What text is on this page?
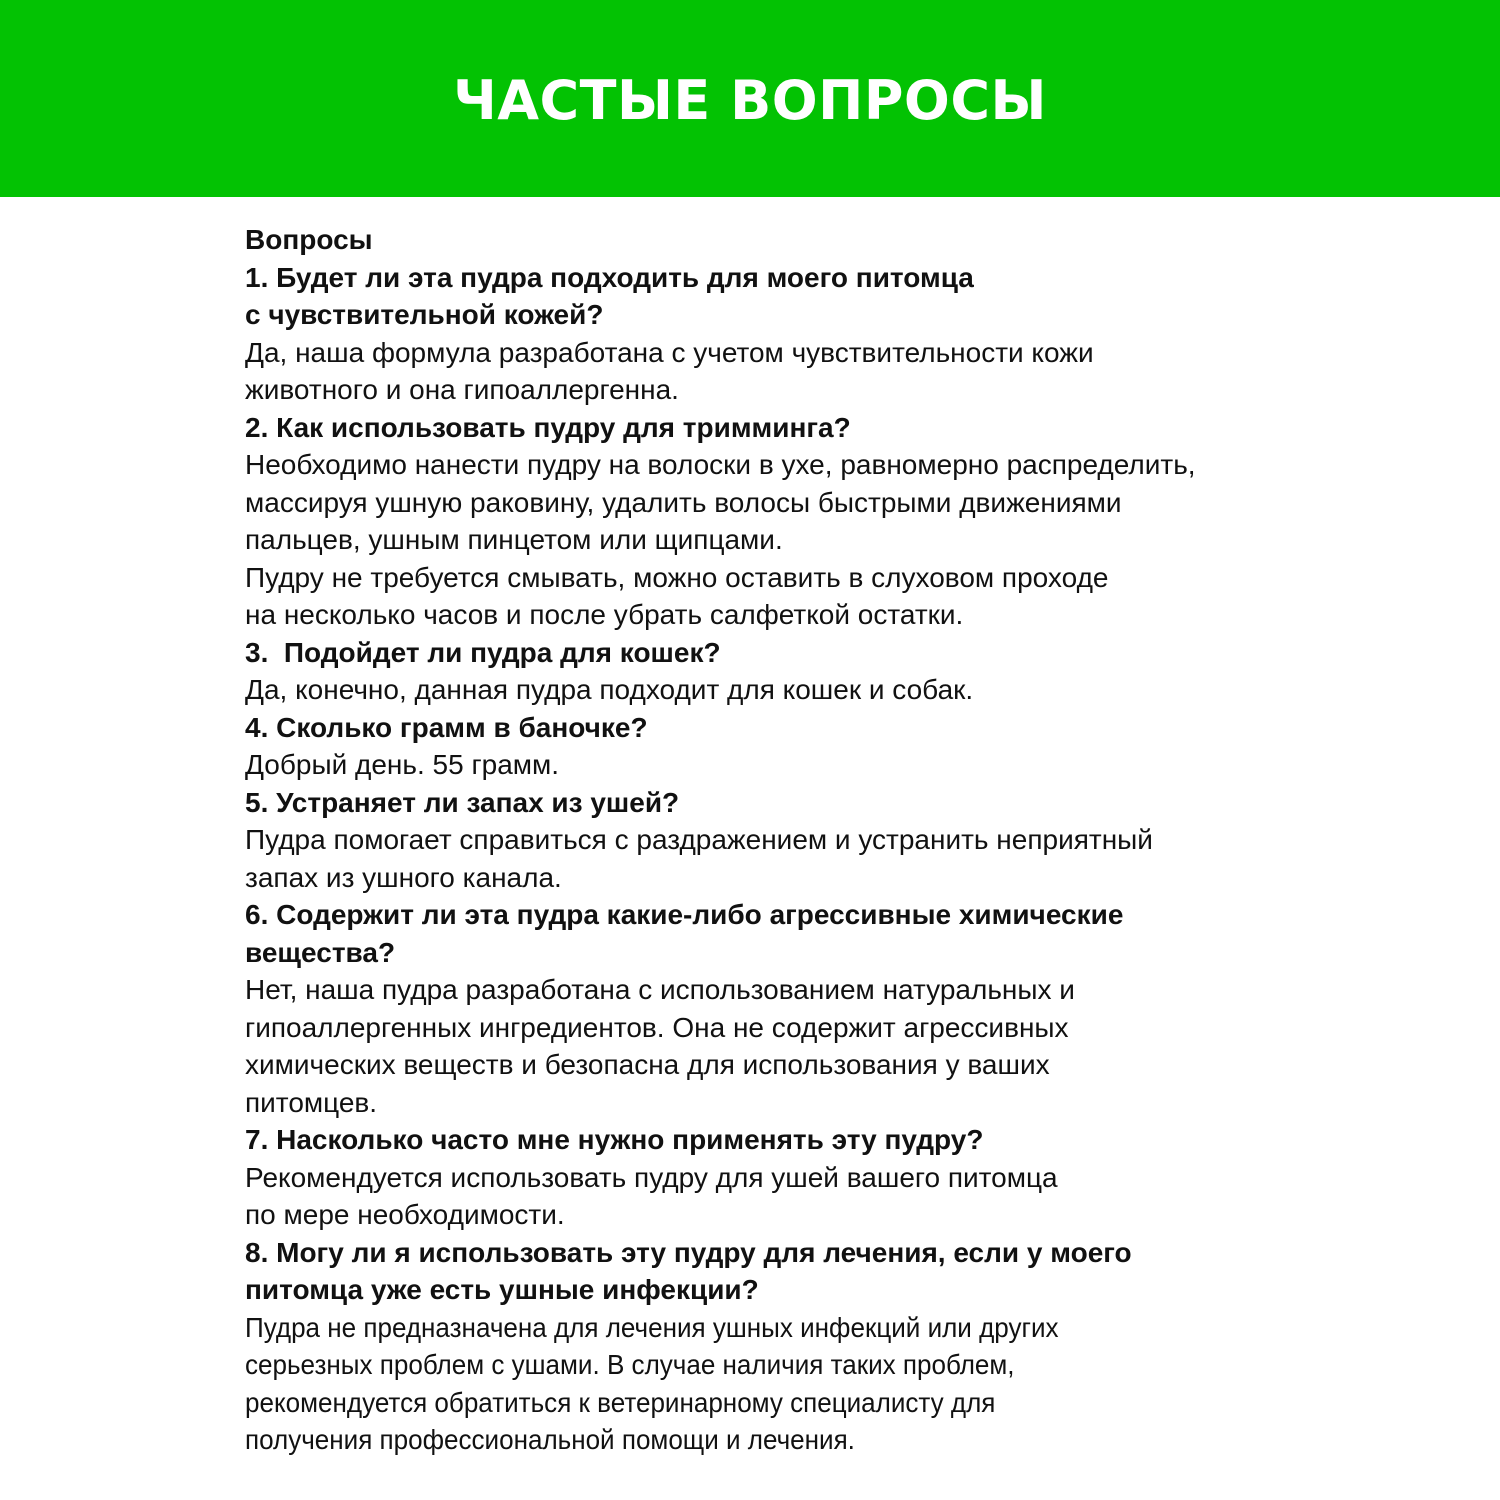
ЧАСТЫЕ ВОПРОСЫ
Вопросы
1. Будет ли эта пудра подходить для моего питомца
с чувствительной кожей?
Да, наша формула разработана с учетом чувствительности кожи
животного и она гипоаллергенна.
2. Как использовать пудру для тримминга?
Необходимо нанести пудру на волоски в ухе, равномерно распределить,
массируя ушную раковину, удалить волосы быстрыми движениями
пальцев, ушным пинцетом или щипцами.
Пудру не требуется смывать, можно оставить в слуховом проходе
на несколько часов и после убрать салфеткой остатки.
3.  Подойдет ли пудра для кошек?
Да, конечно, данная пудра подходит для кошек и собак.
4. Сколько грамм в баночке?
Добрый день. 55 грамм.
5. Устраняет ли запах из ушей?
Пудра помогает справиться с раздражением и устранить неприятный
запах из ушного канала.
6. Содержит ли эта пудра какие-либо агрессивные химические
вещества?
Нет, наша пудра разработана с использованием натуральных и
гипоаллергенных ингредиентов. Она не содержит агрессивных
химических веществ и безопасна для использования у ваших
питомцев.
7. Насколько часто мне нужно применять эту пудру?
Рекомендуется использовать пудру для ушей вашего питомца
по мере необходимости.
8. Могу ли я использовать эту пудру для лечения, если у моего
питомца уже есть ушные инфекции?
Пудра не предназначена для лечения ушных инфекций или других
серьезных проблем с ушами. В случае наличия таких проблем,
рекомендуется обратиться к ветеринарному специалисту для
получения профессиональной помощи и лечения.
